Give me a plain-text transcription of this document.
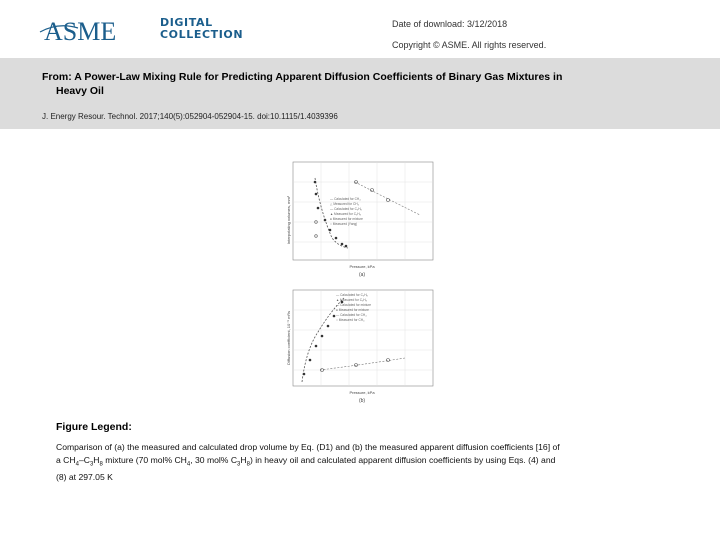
ASME	DIGITAL
COLLECTION
Date of download: 3/12/2018
Copyright © ASME. All rights reserved.
From: A Power-Law Mixing Rule for Predicting Apparent Diffusion Coefficients of Binary Gas Mixtures in
Heavy Oil
J. Energy Resour. Technol. 2017;140(5):052904-052904-15. doi:10.1115/1.4039396
— Calculated for CH₄
△ Measured for CH₄
— Calculated for C₃H₈
▲ Measured for C₃H₈
● Measured for mixture
○ Measured (Yang)
Interpolating volumes, mm³
Pressure, kPa
(a)
— Calculated for C₃H₈
▲ Measured for C₃H₈
— Calculated for mixture
● Measured for mixture
— Calculated for CH₄
○ Measured for CH₄
Diffusion coefficient, 10⁻⁹ m²/s
Pressure, kPa
(b)
Figure Legend:
Comparison of (a) the measured and calculated drop volume by Eq. (D1) and (b) the measured apparent diffusion coefficients [16] of
a $CH_4-C_3H_8$ mixture (70 mol% $CH_4$, 30 mol% $C_3H_8$) in heavy oil and calculated apparent diffusion coefficients by using Eqs. (4) and
(8) at 297.05 K
